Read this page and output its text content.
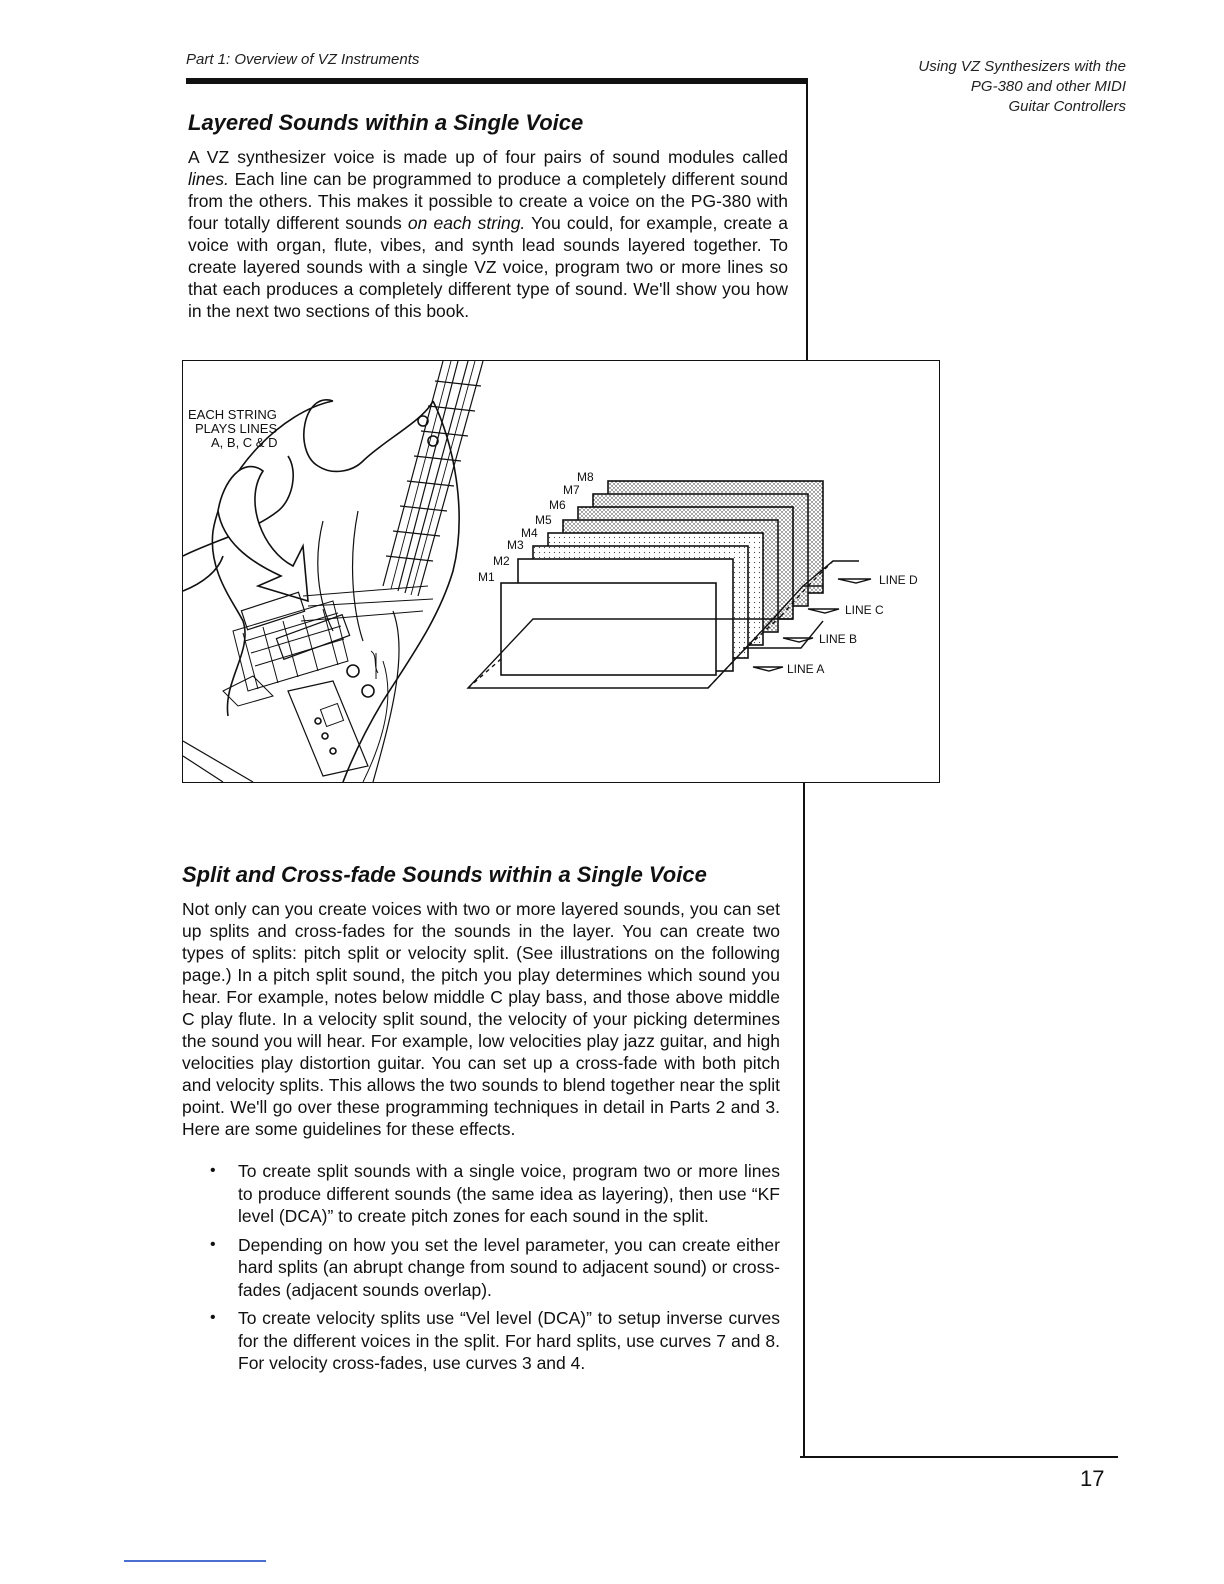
Part 1: Overview of VZ Instruments	Using VZ Synthesizers with the
PG-380 and other MIDI
Guitar Controllers
Layered Sounds within a Single Voice

A VZ synthesizer voice is made up of four pairs of sound modules called lines. Each line can be programmed to produce a completely different sound from the others. This makes it possible to create a voice on the PG-380 with four totally different sounds on each string. You could, for example, create a voice with organ, flute, vibes, and synth lead sounds layered together. To create layered sounds with a single VZ voice, program two or more lines so that each produces a completely different type of sound. We'll show you how in the next two sections of this book.

EACH STRING
PLAYS LINES
A, B, C & D
M1
M2
M3
M4
M5
M6
M7
M8
LINE A
LINE B
LINE C
LINE D
Split and Cross-fade Sounds within a Single Voice

Not only can you create voices with two or more layered sounds, you can set up splits and cross-fades for the sounds in the layer. You can create two types of splits: pitch split or velocity split. (See illustrations on the following page.) In a pitch split sound, the pitch you play determines which sound you hear. For example, notes below middle C play bass, and those above middle C play flute. In a velocity split sound, the velocity of your picking determines the sound you will hear. For example, low velocities play jazz guitar, and high velocities play distortion guitar. You can set up a cross-fade with both pitch and velocity splits. This allows the two sounds to blend together near the split point. We'll go over these programming techniques in detail in Parts 2 and 3. Here are some guidelines for these effects.

• To create split sounds with a single voice, program two or more lines to produce different sounds (the same idea as layering), then use “KF level (DCA)” to create pitch zones for each sound in the split.
• Depending on how you set the level parameter, you can create either hard splits (an abrupt change from sound to adjacent sound) or cross-fades (adjacent sounds overlap).
• To create velocity splits use “Vel level (DCA)” to setup inverse curves for the different voices in the split. For hard splits, use curves 7 and 8. For velocity cross-fades, use curves 3 and 4.
17
